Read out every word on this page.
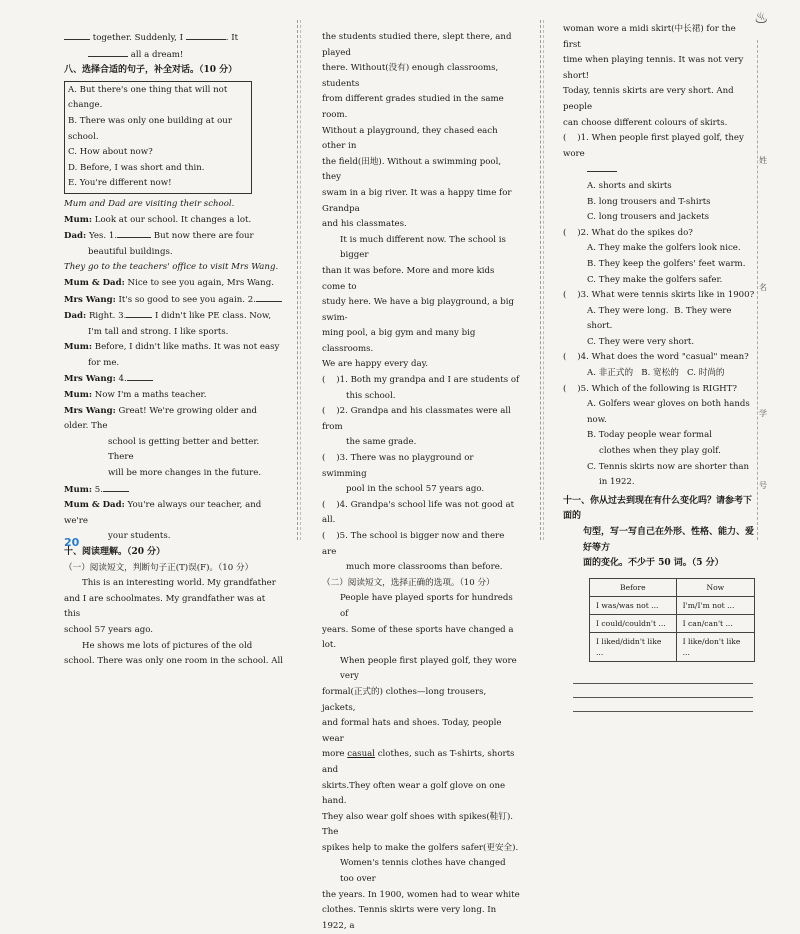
together. Suddenly, I	. It

all a dream!

八、选择合适的句子，补全对话。（10 分）

A. But there's one thing that will not change.

B. There was only one building at our school.

C. How about now?

D. Before, I was short and thin.

E. You're different now!

Mum and Dad are visiting their school.

Mum: Look at our school. It changes a lot.

Dad: Yes. 1.	But now there are four

beautiful buildings.

They go to the teachers' office to visit Mrs Wang.

Mum & Dad: Nice to see you again, Mrs Wang.

Mrs Wang: It's so good to see you again. 2.

Dad: Right. 3.	I didn't like PE class. Now,

I'm tall and strong. I like sports.

Mum: Before, I didn't like maths. It was not easy

for me.

Mrs Wang: 4.

Mum: Now I'm a maths teacher.

Mrs Wang: Great! We're growing older and older. The

school is getting better and better. There

will be more changes in the future.

Mum: 5.

Mum & Dad: You're always our teacher, and we're

your students.

十、阅读理解。（20 分）

（一）阅读短文，判断句子正(T)误(F)。（10 分）

This is an interesting world. My grandfather

and I are schoolmates. My grandfather was at this

school 57 years ago.

He shows me lots of pictures of the old

school. There was only one room in the school. All

the students studied there, slept there, and played

there. Without(没有) enough classrooms, students

from different grades studied in the same room.

Without a playground, they chased each other in

the field(田地). Without a swimming pool, they

swam in a big river. It was a happy time for Grandpa

and his classmates.

It is much different now. The school is bigger

than it was before. More and more kids come to

study here. We have a big playground, a big swim-

ming pool, a big gym and many big classrooms.

We are happy every day.

( )1. Both my grandpa and I are students of

this school.

( )2. Grandpa and his classmates were all from

the same grade.

( )3. There was no playground or swimming

pool in the school 57 years ago.

( )4. Grandpa's school life was not good at all.

( )5. The school is bigger now and there are

much more classrooms than before.

（二）阅读短文，选择正确的选项。（10 分）

People have played sports for hundreds of

years. Some of these sports have changed a lot.

When people first played golf, they wore very

formal(正式的) clothes—long trousers, jackets,

and formal hats and shoes. Today, people wear

more casual clothes, such as T-shirts, shorts and

skirts.They often wear a golf glove on one hand.

They also wear golf shoes with spikes(鞋钉). The

spikes help to make the golfers safer(更安全).

Women's tennis clothes have changed too over

the years. In 1900, women had to wear white

clothes. Tennis skirts were very long. In 1922, a

woman wore a midi skirt(中长裙) for the first

time when playing tennis. It was not very short!

Today, tennis skirts are very short. And people

can choose different colours of skirts.

( )1. When people first played golf, they wore

A. shorts and skirts

B. long trousers and T-shirts

C. long trousers and jackets

( )2. What do the spikes do?

A. They make the golfers look nice.

B. They keep the golfers' feet warm.

C. They make the golfers safer.

( )3. What were tennis skirts like in 1900?

A. They were long. B. They were short.

C. They were very short.

( )4. What does the word "casual" mean?

A. 非正式的 B. 宽松的 C. 时尚的

( )5. Which of the following is RIGHT?

A. Golfers wear gloves on both hands now.

B. Today people wear formal

clothes when they play golf.

C. Tennis skirts now are shorter than

in 1922.

十一、你从过去到现在有什么变化吗？请参考下面的

句型，写一写自己在外形、性格、能力、爱好等方

面的变化。不少于 50 词。（5 分）

Before	Now
I was/was not ...	I'm/I'm not ...
I could/couldn't ...	I can/can't ...
I liked/didn't like ...	I like/don't like ...
♨
姓
名
学
号
20
